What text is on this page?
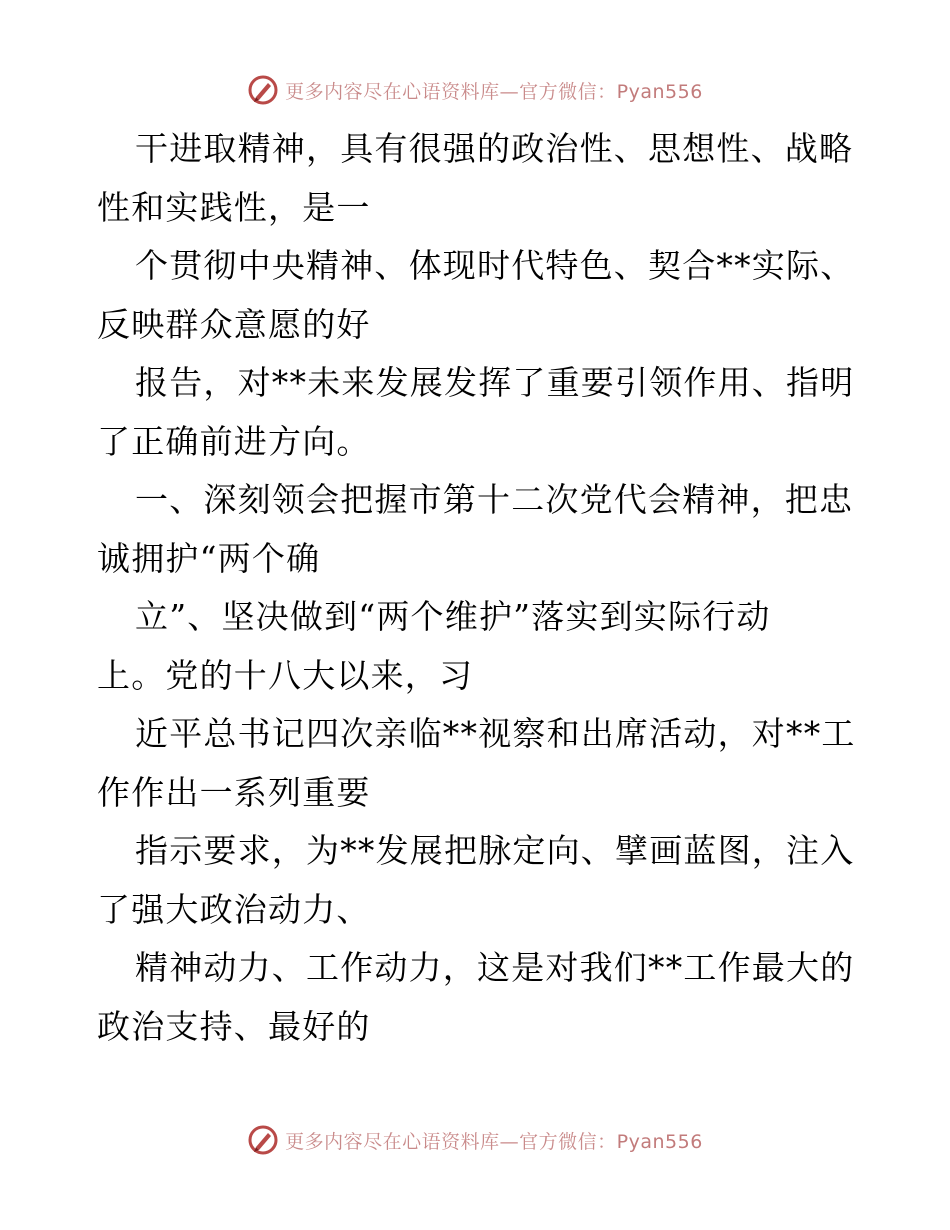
更多内容尽在心语资料库—官方微信：Pyan556
干进取精神，具有很强的政治性、思想性、战略
性和实践性，是一
个贯彻中央精神、体现时代特色、契合**实际、
反映群众意愿的好
报告，对**未来发展发挥了重要引领作用、指明
了正确前进方向。
一、深刻领会把握市第十二次党代会精神，把忠
诚拥护“两个确
立”、坚决做到“两个维护”落实到实际行动
上。党的十八大以来，习
近平总书记四次亲临**视察和出席活动，对**工
作作出一系列重要
指示要求，为**发展把脉定向、擘画蓝图，注入
了强大政治动力、
精神动力、工作动力，这是对我们**工作最大的
政治支持、最好的
更多内容尽在心语资料库—官方微信：Pyan556
